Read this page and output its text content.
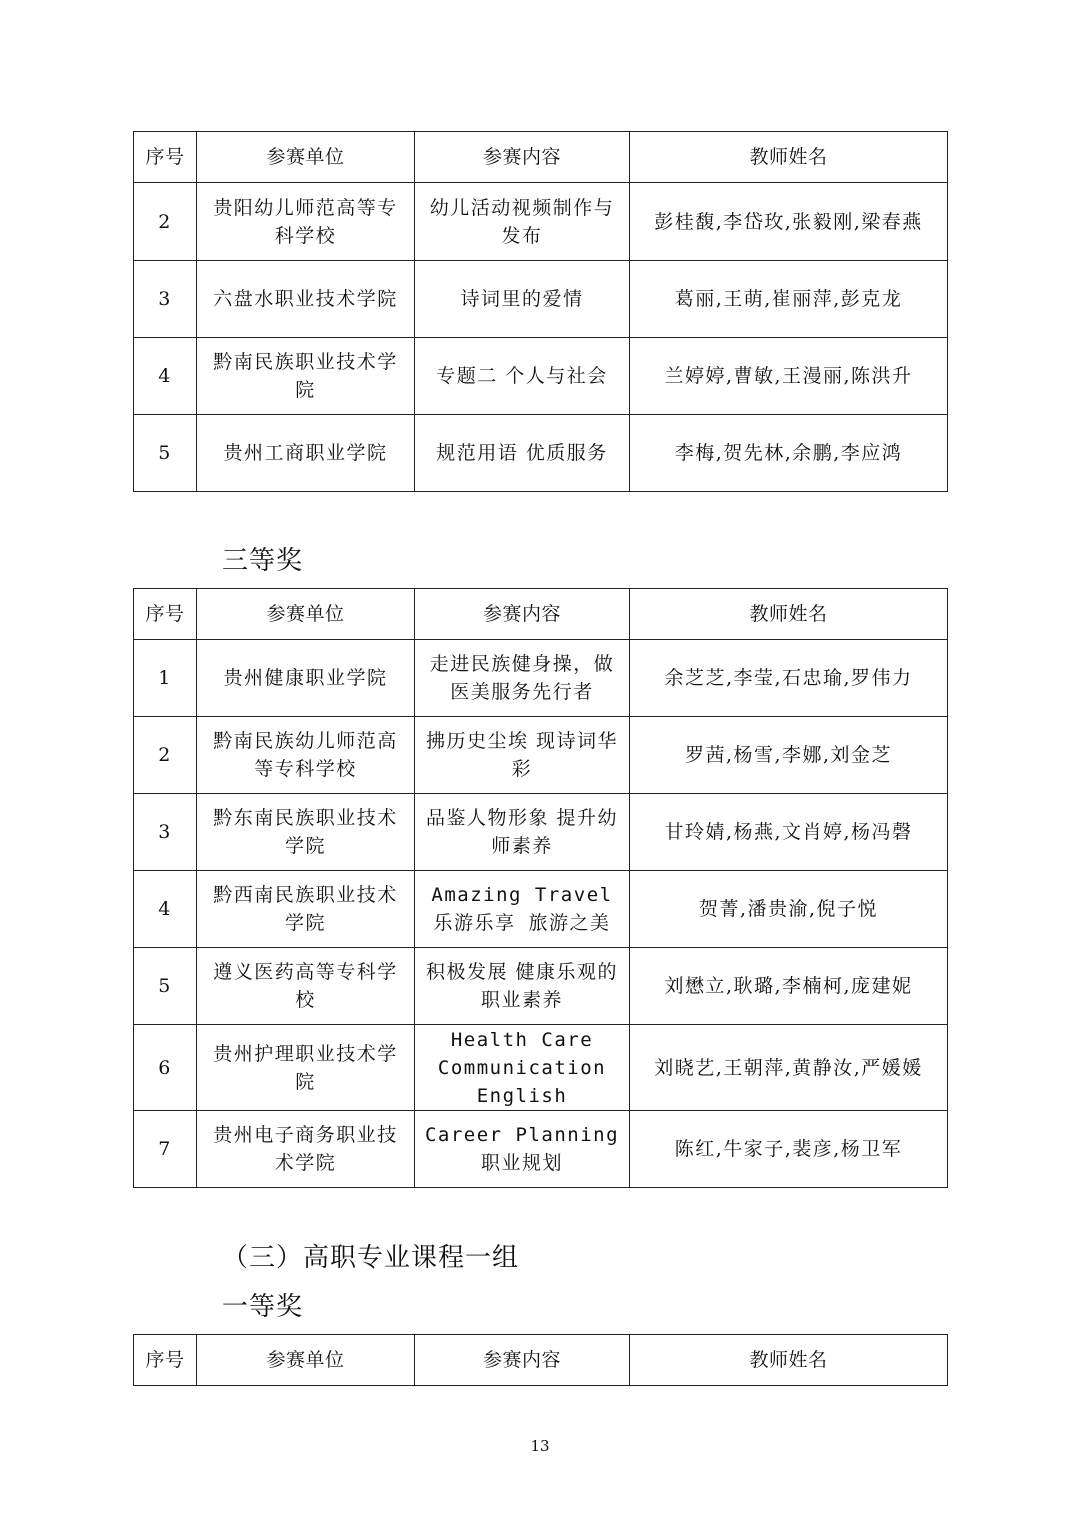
序号	参赛单位	参赛内容	教师姓名
2	贵阳幼儿师范高等专科学校	幼儿活动视频制作与发布	彭桂馥,李岱玫,张毅刚,梁春燕
3	六盘水职业技术学院	诗词里的爱情	葛丽,王萌,崔丽萍,彭克龙
4	黔南民族职业技术学院	专题二 个人与社会	兰婷婷,曹敏,王漫丽,陈洪升
5	贵州工商职业学院	规范用语 优质服务	李梅,贺先林,余鹏,李应鸿
三等奖
序号	参赛单位	参赛内容	教师姓名
1	贵州健康职业学院	走进民族健身操，做医美服务先行者	余芝芝,李莹,石忠瑜,罗伟力
2	黔南民族幼儿师范高等专科学校	拂历史尘埃 现诗词华彩	罗茜,杨雪,李娜,刘金芝
3	黔东南民族职业技术学院	品鉴人物形象 提升幼师素养	甘玲婧,杨燕,文肖婷,杨冯磬
4	黔西南民族职业技术学院	Amazing Travel 乐游乐享 旅游之美	贺菁,潘贵渝,倪子悦
5	遵义医药高等专科学校	积极发展 健康乐观的职业素养	刘懋立,耿璐,李楠柯,庞建妮
6	贵州护理职业技术学院	Health Care Communication English	刘晓艺,王朝萍,黄静汝,严媛媛
7	贵州电子商务职业技术学院	Career Planning 职业规划	陈红,牛家子,裴彦,杨卫军
（三）高职专业课程一组
一等奖
序号	参赛单位	参赛内容	教师姓名
13
